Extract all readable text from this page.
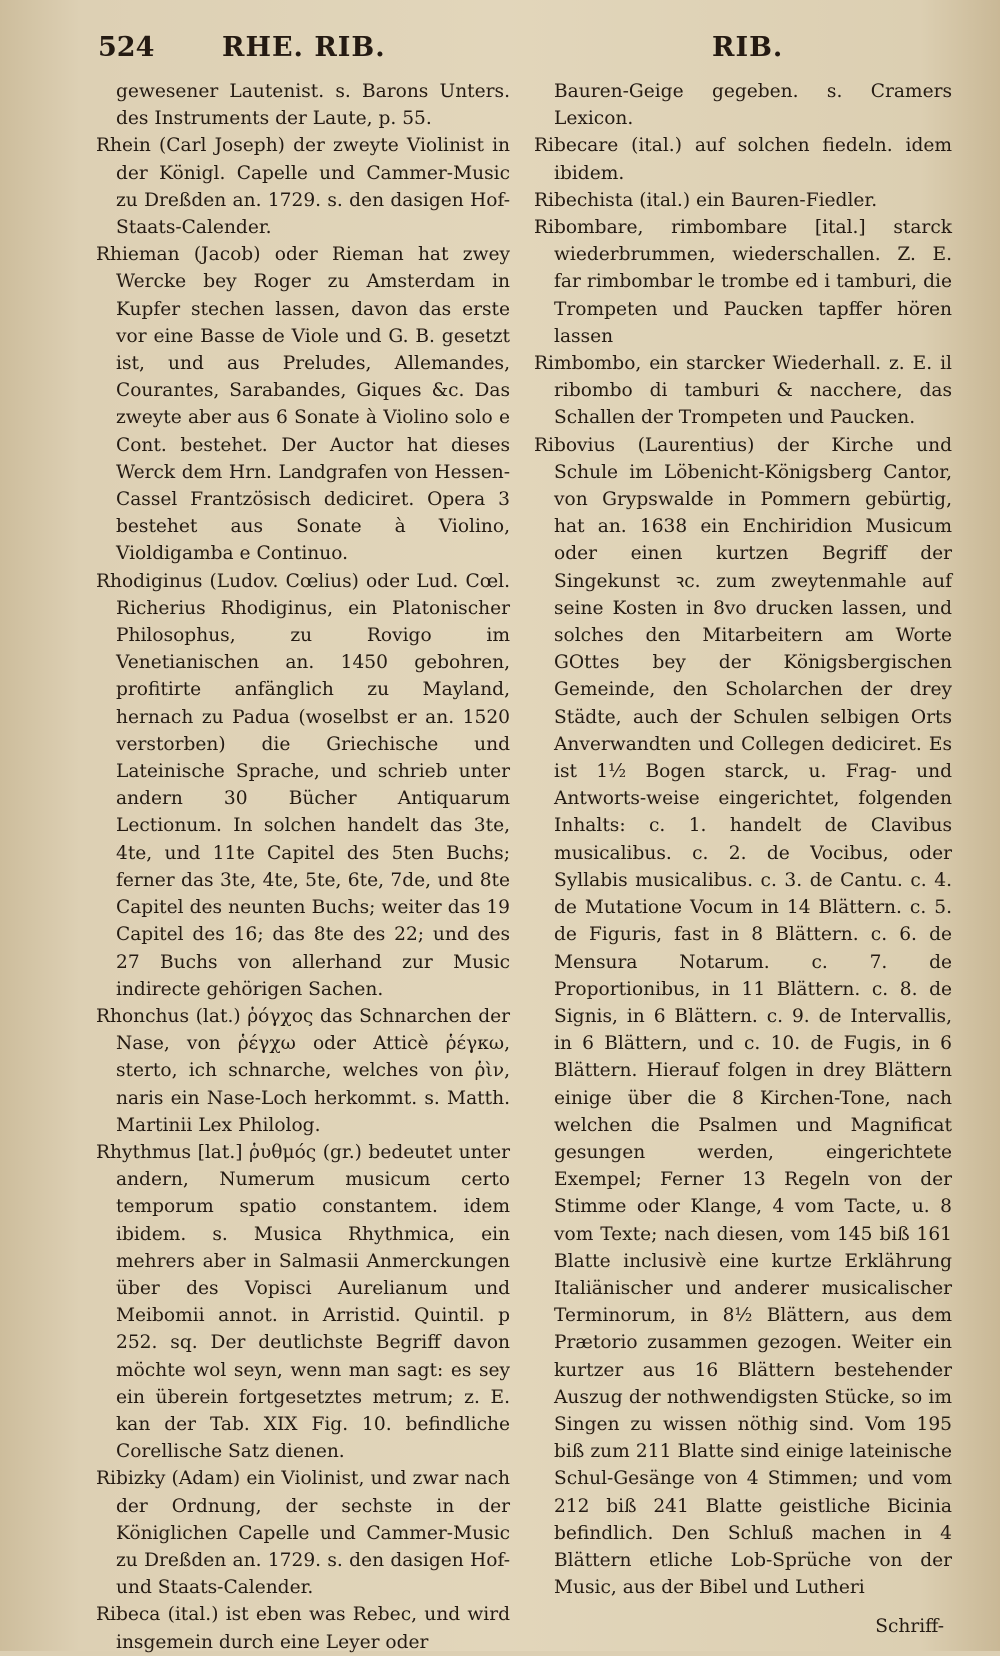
524	RHE. RIB.	RIB.

gewesener Lautenist. s. Barons Unters. des Instruments der Laute, p. 55.

Rhein (Carl Joseph) der zweyte Violinist in der Königl. Capelle und Cammer-Music zu Dreßden an. 1729. s. den dasigen Hof-Staats-Calender.

Rhieman (Jacob) oder Rieman hat zwey Wercke bey Roger zu Amsterdam in Kupfer stechen lassen, davon das erste vor eine Basse de Viole und G. B. gesetzt ist, und aus Preludes, Allemandes, Courantes, Sarabandes, Giques &c. Das zweyte aber aus 6 Sonate à Violino solo e Cont. bestehet. Der Auctor hat dieses Werck dem Hrn. Landgrafen von Hessen-Cassel Frantzösisch dediciret. Opera 3 bestehet aus Sonate à Violino, Violdigamba e Continuo.

Rhodiginus (Ludov. Cœlius) oder Lud. Cœl. Richerius Rhodiginus, ein Platonischer Philosophus, zu Rovigo im Venetianischen an. 1450 gebohren, profitirte anfänglich zu Mayland, hernach zu Padua (woselbst er an. 1520 verstorben) die Griechische und Lateinische Sprache, und schrieb unter andern 30 Bücher Antiquarum Lectionum. In solchen handelt das 3te, 4te, und 11te Capitel des 5ten Buchs; ferner das 3te, 4te, 5te, 6te, 7de, und 8te Capitel des neunten Buchs; weiter das 19 Capitel des 16; das 8te des 22; und des 27 Buchs von allerhand zur Music indirecte gehörigen Sachen.

Rhonchus (lat.) ῥόγχος das Schnarchen der Nase, von ῥέγχω oder Atticè ῥέγκω, sterto, ich schnarche, welches von ῥὶν, naris ein Nase-Loch herkommt. s. Matth. Martinii Lex Philolog.

Rhythmus [lat.] ῥυθμός (gr.) bedeutet unter andern, Numerum musicum certo temporum spatio constantem. idem ibidem. s. Musica Rhythmica, ein mehrers aber in Salmasii Anmerckungen über des Vopisci Aurelianum und Meibomii annot. in Arristid. Quintil. p 252. sq. Der deutlichste Begriff davon möchte wol seyn, wenn man sagt: es sey ein überein fortgesetztes metrum; z. E. kan der Tab. XIX Fig. 10. befindliche Corellische Satz dienen.

Ribizky (Adam) ein Violinist, und zwar nach der Ordnung, der sechste in der Königlichen Capelle und Cammer-Music zu Dreßden an. 1729. s. den dasigen Hof- und Staats-Calender.

Ribeca (ital.) ist eben was Rebec, und wird insgemein durch eine Leyer oder

Bauren-Geige gegeben. s. Cramers Lexicon.

Ribecare (ital.) auf solchen fiedeln. idem ibidem.

Ribechista (ital.) ein Bauren-Fiedler.

Ribombare, rimbombare [ital.] starck wiederbrummen, wiederschallen. Z. E. far rimbombar le trombe ed i tamburi, die Trompeten und Paucken tapffer hören lassen

Rimbombo, ein starcker Wiederhall. z. E. il ribombo di tamburi & nacchere, das Schallen der Trompeten und Paucken.

Ribovius (Laurentius) der Kirche und Schule im Löbenicht-Königsberg Cantor, von Grypswalde in Pommern gebürtig, hat an. 1638 ein Enchiridion Musicum oder einen kurtzen Begriff der Singekunst ꝛc. zum zweytenmahle auf seine Kosten in 8vo drucken lassen, und solches den Mitarbeitern am Worte GOttes bey der Königsbergischen Gemeinde, den Scholarchen der drey Städte, auch der Schulen selbigen Orts Anverwandten und Collegen dediciret. Es ist 1½ Bogen starck, u. Frag- und Antworts-weise eingerichtet, folgenden Inhalts: c. 1. handelt de Clavibus musicalibus. c. 2. de Vocibus, oder Syllabis musicalibus. c. 3. de Cantu. c. 4. de Mutatione Vocum in 14 Blättern. c. 5. de Figuris, fast in 8 Blättern. c. 6. de Mensura Notarum. c. 7. de Proportionibus, in 11 Blättern. c. 8. de Signis, in 6 Blättern. c. 9. de Intervallis, in 6 Blättern, und c. 10. de Fugis, in 6 Blättern. Hierauf folgen in drey Blättern einige über die 8 Kirchen-Tone, nach welchen die Psalmen und Magnificat gesungen werden, eingerichtete Exempel; Ferner 13 Regeln von der Stimme oder Klange, 4 vom Tacte, u. 8 vom Texte; nach diesen, vom 145 biß 161 Blatte inclusivè eine kurtze Erklährung Italiänischer und anderer musicalischer Terminorum, in 8½ Blättern, aus dem Prætorio zusammen gezogen. Weiter ein kurtzer aus 16 Blättern bestehender Auszug der nothwendigsten Stücke, so im Singen zu wissen nöthig sind. Vom 195 biß zum 211 Blatte sind einige lateinische Schul-Gesänge von 4 Stimmen; und vom 212 biß 241 Blatte geistliche Bicinia befindlich. Den Schluß machen in 4 Blättern etliche Lob-Sprüche von der Music, aus der Bibel und Lutheri

Schriff-
